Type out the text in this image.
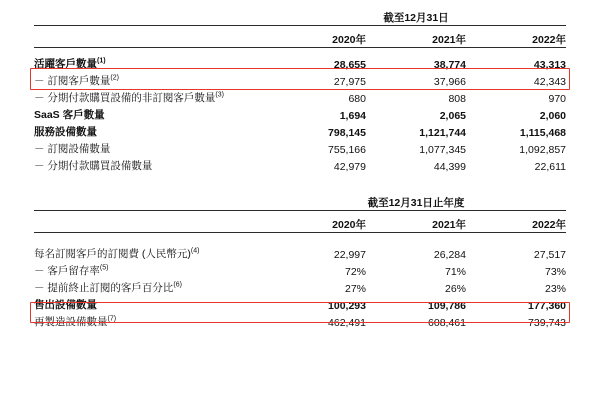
	截至12月31日		

	2020年	2021年	2022年

活躍客戶數量$^{(1)}$	28,655	38,774	43,313
－ 訂閱客戶數量$^{(2)}$	27,975	37,966	42,343
－ 分期付款購買設備的非訂閱客戶數量$^{(3)}$	680	808	970
SaaS 客戶數量	1,694	2,065	2,060
服務設備數量	798,145	1,121,744	1,115,468
－ 訂閱設備數量	755,166	1,077,345	1,092,857
－ 分期付款購買設備數量	42,979	44,399	22,611
	截至12月31日止年度		

	2020年	2021年	2022年

每名訂閱客戶的訂閱費 (人民幣元)$^{(4)}$	22,997	26,284	27,517
－ 客戶留存率$^{(5)}$	72%	71%	73%
－ 提前終止訂閱的客戶百分比$^{(6)}$	27%	26%	23%
售出設備數量	100,293	109,786	177,360
再製造設備數量$^{(7)}$	462,491	608,461	739,743
